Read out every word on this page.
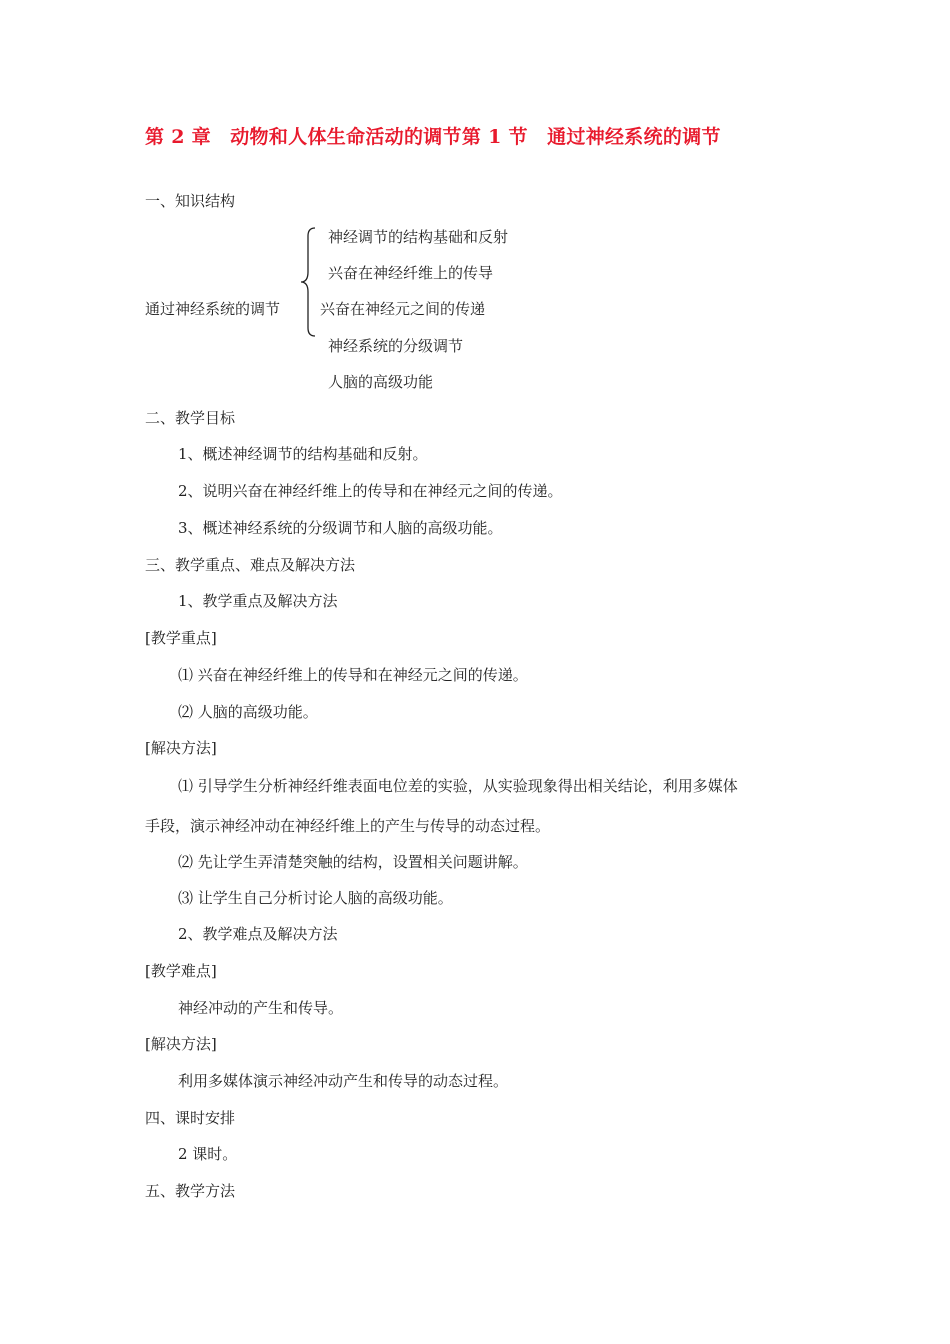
第 2 章　动物和人体生命活动的调节第 1 节　通过神经系统的调节
一、知识结构
神经调节的结构基础和反射
兴奋在神经纤维上的传导
通过神经系统的调节	兴奋在神经元之间的传递
神经系统的分级调节
人脑的高级功能
二、教学目标
1、概述神经调节的结构基础和反射。
2、说明兴奋在神经纤维上的传导和在神经元之间的传递。
3、概述神经系统的分级调节和人脑的高级功能。
三、教学重点、难点及解决方法
1、教学重点及解决方法
[教学重点]
⑴ 兴奋在神经纤维上的传导和在神经元之间的传递。
⑵ 人脑的高级功能。
[解决方法]
⑴ 引导学生分析神经纤维表面电位差的实验，从实验现象得出相关结论，利用多媒体
手段，演示神经冲动在神经纤维上的产生与传导的动态过程。
⑵ 先让学生弄清楚突触的结构，设置相关问题讲解。
⑶ 让学生自己分析讨论人脑的高级功能。
2、教学难点及解决方法
[教学难点]
神经冲动的产生和传导。
[解决方法]
利用多媒体演示神经冲动产生和传导的动态过程。
四、课时安排
2 课时。
五、教学方法
